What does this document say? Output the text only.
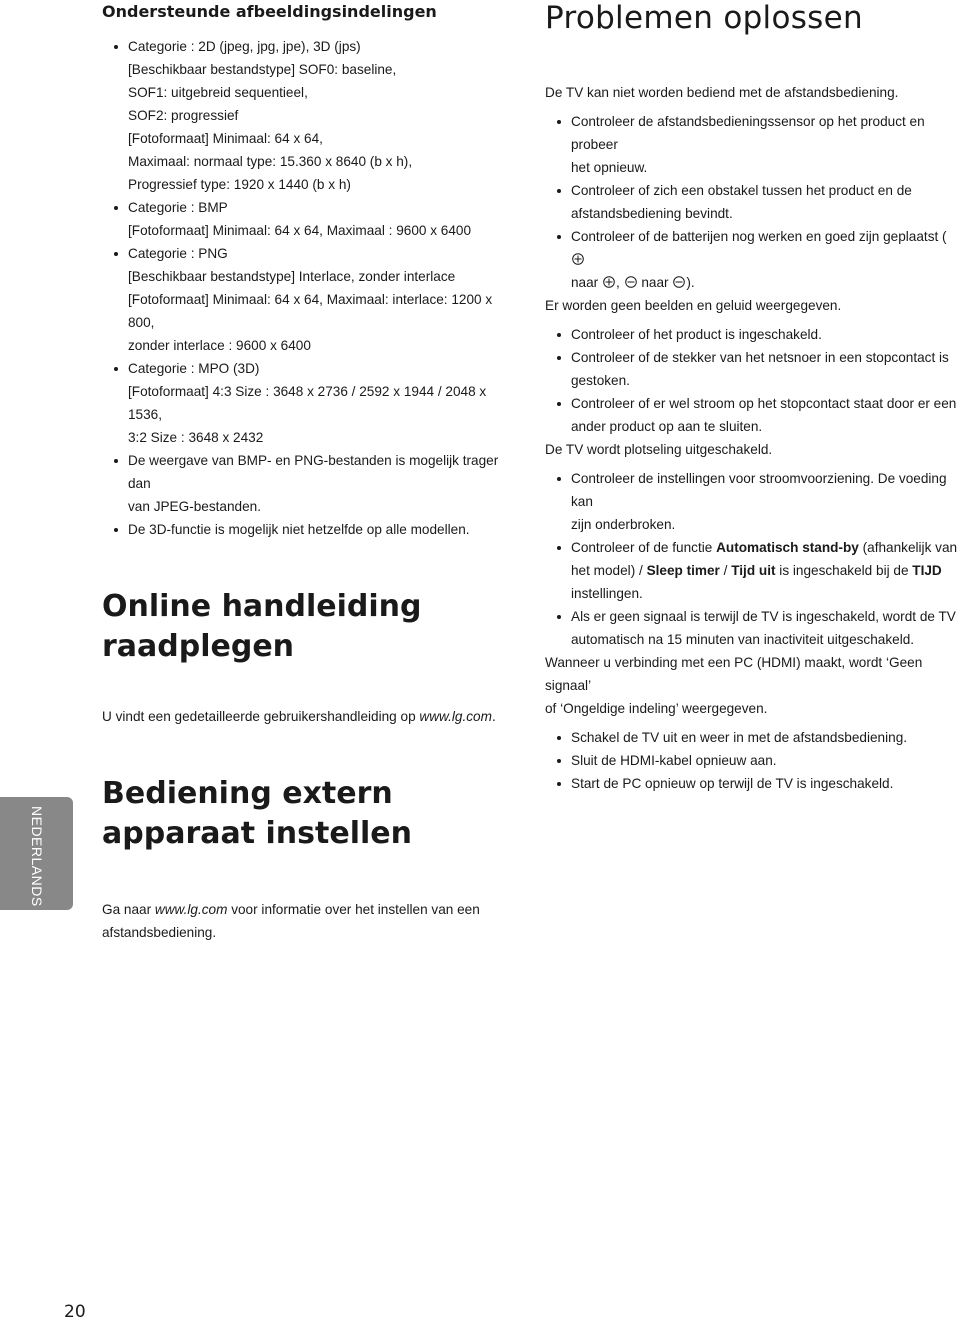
Ondersteunde afbeeldingsindelingen
Categorie : 2D (jpeg, jpg, jpe), 3D (jps)
[Beschikbaar bestandstype] SOF0: baseline,
SOF1: uitgebreid sequentieel,
SOF2: progressief
[Fotoformaat] Minimaal: 64 x 64,
Maximaal: normaal type: 15.360 x 8640 (b x h),
Progressief type: 1920 x 1440 (b x h)
Categorie : BMP
[Fotoformaat] Minimaal: 64 x 64, Maximaal : 9600 x 6400
Categorie : PNG
[Beschikbaar bestandstype] Interlace, zonder interlace
[Fotoformaat] Minimaal: 64 x 64, Maximaal: interlace: 1200 x 800,
zonder interlace : 9600 x 6400
Categorie : MPO (3D)
[Fotoformaat] 4:3 Size : 3648 x 2736 / 2592 x 1944 / 2048 x 1536,
3:2 Size : 3648 x 2432
De weergave van BMP- en PNG-bestanden is mogelijk trager dan
van JPEG-bestanden.
De 3D-functie is mogelijk niet hetzelfde op alle modellen.
Online handleiding
raadplegen

U vindt een gedetailleerde gebruikershandleiding op www.lg.com.

Bediening extern
apparaat instellen

Ga naar www.lg.com voor informatie over het instellen van een
afstandsbediening.

Problemen oplossen

De TV kan niet worden bediend met de afstandsbediening.

Controleer de afstandsbedieningssensor op het product en probeer
het opnieuw.
Controleer of zich een obstakel tussen het product en de
afstandsbediening bevindt.
Controleer of de batterijen nog werken en goed zijn geplaatst (
naar , naar ).

Er worden geen beelden en geluid weergegeven.

Controleer of het product is ingeschakeld.
Controleer of de stekker van het netsnoer in een stopcontact is
gestoken.
Controleer of er wel stroom op het stopcontact staat door er een
ander product op aan te sluiten.

De TV wordt plotseling uitgeschakeld.

Controleer de instellingen voor stroomvoorziening. De voeding kan
zijn onderbroken.
Controleer of de functie Automatisch stand-by (afhankelijk van
het model) / Sleep timer / Tijd uit is ingeschakeld bij de TIJD
instellingen.
Als er geen signaal is terwijl de TV is ingeschakeld, wordt de TV
automatisch na 15 minuten van inactiviteit uitgeschakeld.

Wanneer u verbinding met een PC (HDMI) maakt, wordt ‘Geen signaal’
of ‘Ongeldige indeling’ weergegeven.

Schakel de TV uit en weer in met de afstandsbediening.
Sluit de HDMI-kabel opnieuw aan.
Start de PC opnieuw op terwijl de TV is ingeschakeld.
NEDERLANDS
20
